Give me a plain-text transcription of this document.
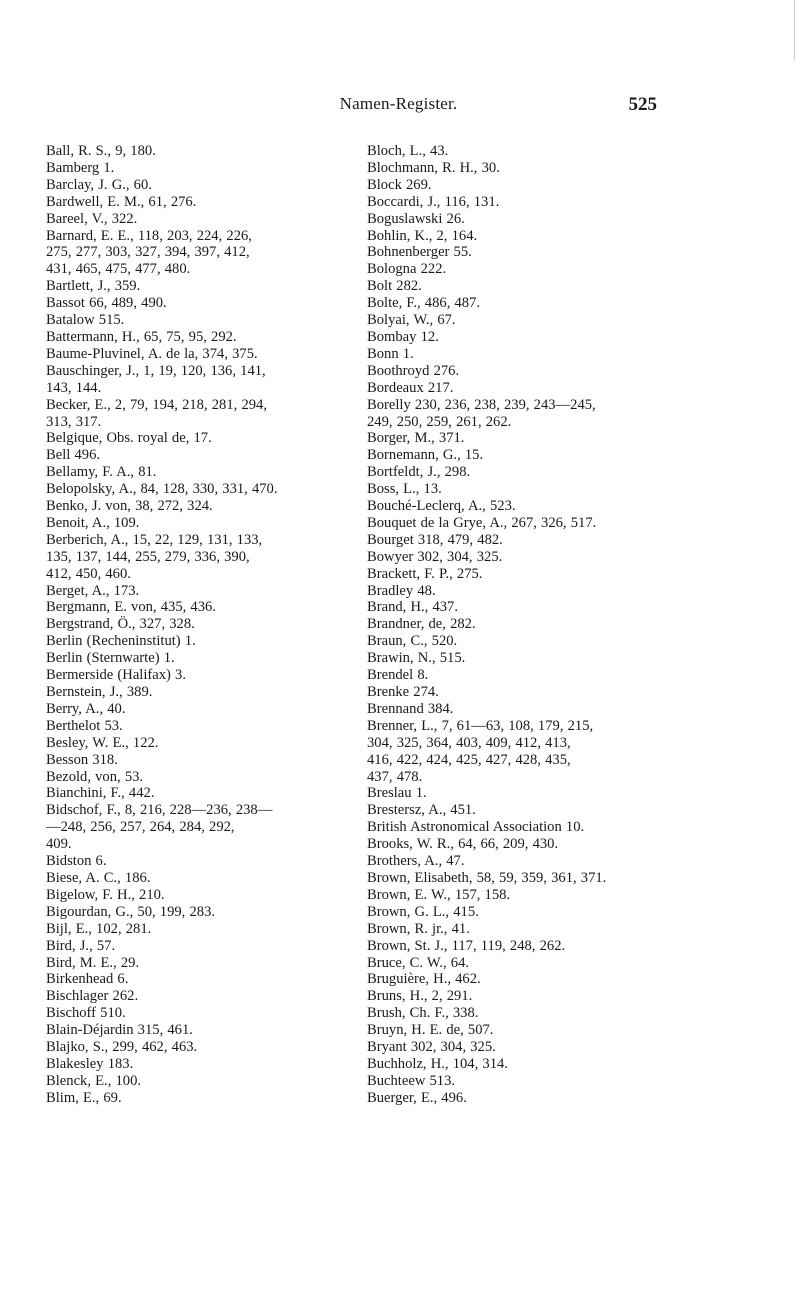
Namen-Register.	525
Ball, R. S., 9, 180.
Bamberg 1.
Barclay, J. G., 60.
Bardwell, E. M., 61, 276.
Bareel, V., 322.
Barnard, E. E., 118, 203, 224, 226,
275, 277, 303, 327, 394, 397, 412,
431, 465, 475, 477, 480.
Bartlett, J., 359.
Bassot 66, 489, 490.
Batalow 515.
Battermann, H., 65, 75, 95, 292.
Baume-Pluvinel, A. de la, 374, 375.
Bauschinger, J., 1, 19, 120, 136, 141,
143, 144.
Becker, E., 2, 79, 194, 218, 281, 294,
313, 317.
Belgique, Obs. royal de, 17.
Bell 496.
Bellamy, F. A., 81.
Belopolsky, A., 84, 128, 330, 331, 470.
Benko, J. von, 38, 272, 324.
Benoit, A., 109.
Berberich, A., 15, 22, 129, 131, 133,
135, 137, 144, 255, 279, 336, 390,
412, 450, 460.
Berget, A., 173.
Bergmann, E. von, 435, 436.
Bergstrand, Ö., 327, 328.
Berlin (Recheninstitut) 1.
Berlin (Sternwarte) 1.
Bermerside (Halifax) 3.
Bernstein, J., 389.
Berry, A., 40.
Berthelot 53.
Besley, W. E., 122.
Besson 318.
Bezold, von, 53.
Bianchini, F., 442.
Bidschof, F., 8, 216, 228—236, 238—
—248, 256, 257, 264, 284, 292,
409.
Bidston 6.
Biese, A. C., 186.
Bigelow, F. H., 210.
Bigourdan, G., 50, 199, 283.
Bijl, E., 102, 281.
Bird, J., 57.
Bird, M. E., 29.
Birkenhead 6.
Bischlager 262.
Bischoff 510.
Blain-Déjardin 315, 461.
Blajko, S., 299, 462, 463.
Blakesley 183.
Blenck, E., 100.
Blim, E., 69.
Bloch, L., 43.
Blochmann, R. H., 30.
Block 269.
Boccardi, J., 116, 131.
Boguslawski 26.
Bohlin, K., 2, 164.
Bohnenberger 55.
Bologna 222.
Bolt 282.
Bolte, F., 486, 487.
Bolyai, W., 67.
Bombay 12.
Bonn 1.
Boothroyd 276.
Bordeaux 217.
Borelly 230, 236, 238, 239, 243—245,
249, 250, 259, 261, 262.
Borger, M., 371.
Bornemann, G., 15.
Bortfeldt, J., 298.
Boss, L., 13.
Bouché-Leclerq, A., 523.
Bouquet de la Grye, A., 267, 326, 517.
Bourget 318, 479, 482.
Bowyer 302, 304, 325.
Brackett, F. P., 275.
Bradley 48.
Brand, H., 437.
Brandner, de, 282.
Braun, C., 520.
Brawin, N., 515.
Brendel 8.
Brenke 274.
Brennand 384.
Brenner, L., 7, 61—63, 108, 179, 215,
304, 325, 364, 403, 409, 412, 413,
416, 422, 424, 425, 427, 428, 435,
437, 478.
Breslau 1.
Brestersz, A., 451.
British Astronomical Association 10.
Brooks, W. R., 64, 66, 209, 430.
Brothers, A., 47.
Brown, Elisabeth, 58, 59, 359, 361, 371.
Brown, E. W., 157, 158.
Brown, G. L., 415.
Brown, R. jr., 41.
Brown, St. J., 117, 119, 248, 262.
Bruce, C. W., 64.
Bruguière, H., 462.
Bruns, H., 2, 291.
Brush, Ch. F., 338.
Bruyn, H. E. de, 507.
Bryant 302, 304, 325.
Buchholz, H., 104, 314.
Buchteew 513.
Buerger, E., 496.
